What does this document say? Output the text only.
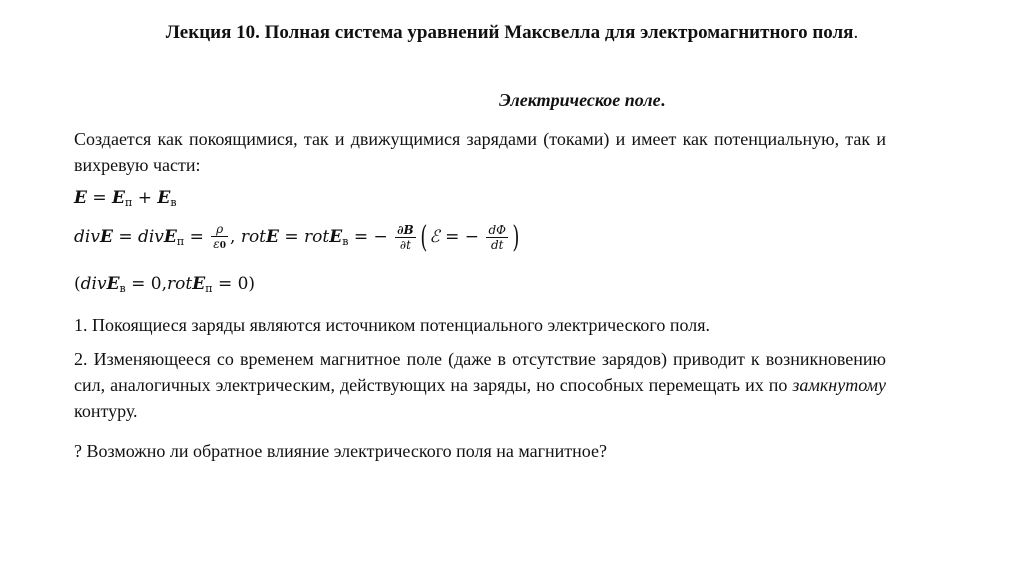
Лекция 10. Полная система уравнений Максвелла для электромагнитного поля.
Электрическое поле.
Создается как покоящимися, так и движущимися зарядами (токами) и имеет как потенциальную, так и вихревую части:
$E = E_п + E_в$
divE = divE$_п$ = $\frac{\rho}{\varepsilon 0}$ , rotE = rotE$_в$ = − $\frac{\partial B}{\partial t}$ ( ℰ = − $\frac{d\Phi}{dt}$ )
(divE$_в$ = 0,rotE$_п$ = 0)
1. Покоящиеся заряды являются источником потенциального электрического поля.
2. Изменяющееся со временем магнитное поле (даже в отсутствие зарядов) приводит к возникновению сил, аналогичных электрическим, действующих на заряды, но способных перемещать их по замкнутому контуру.
? Возможно ли обратное влияние электрического поля на магнитное?
